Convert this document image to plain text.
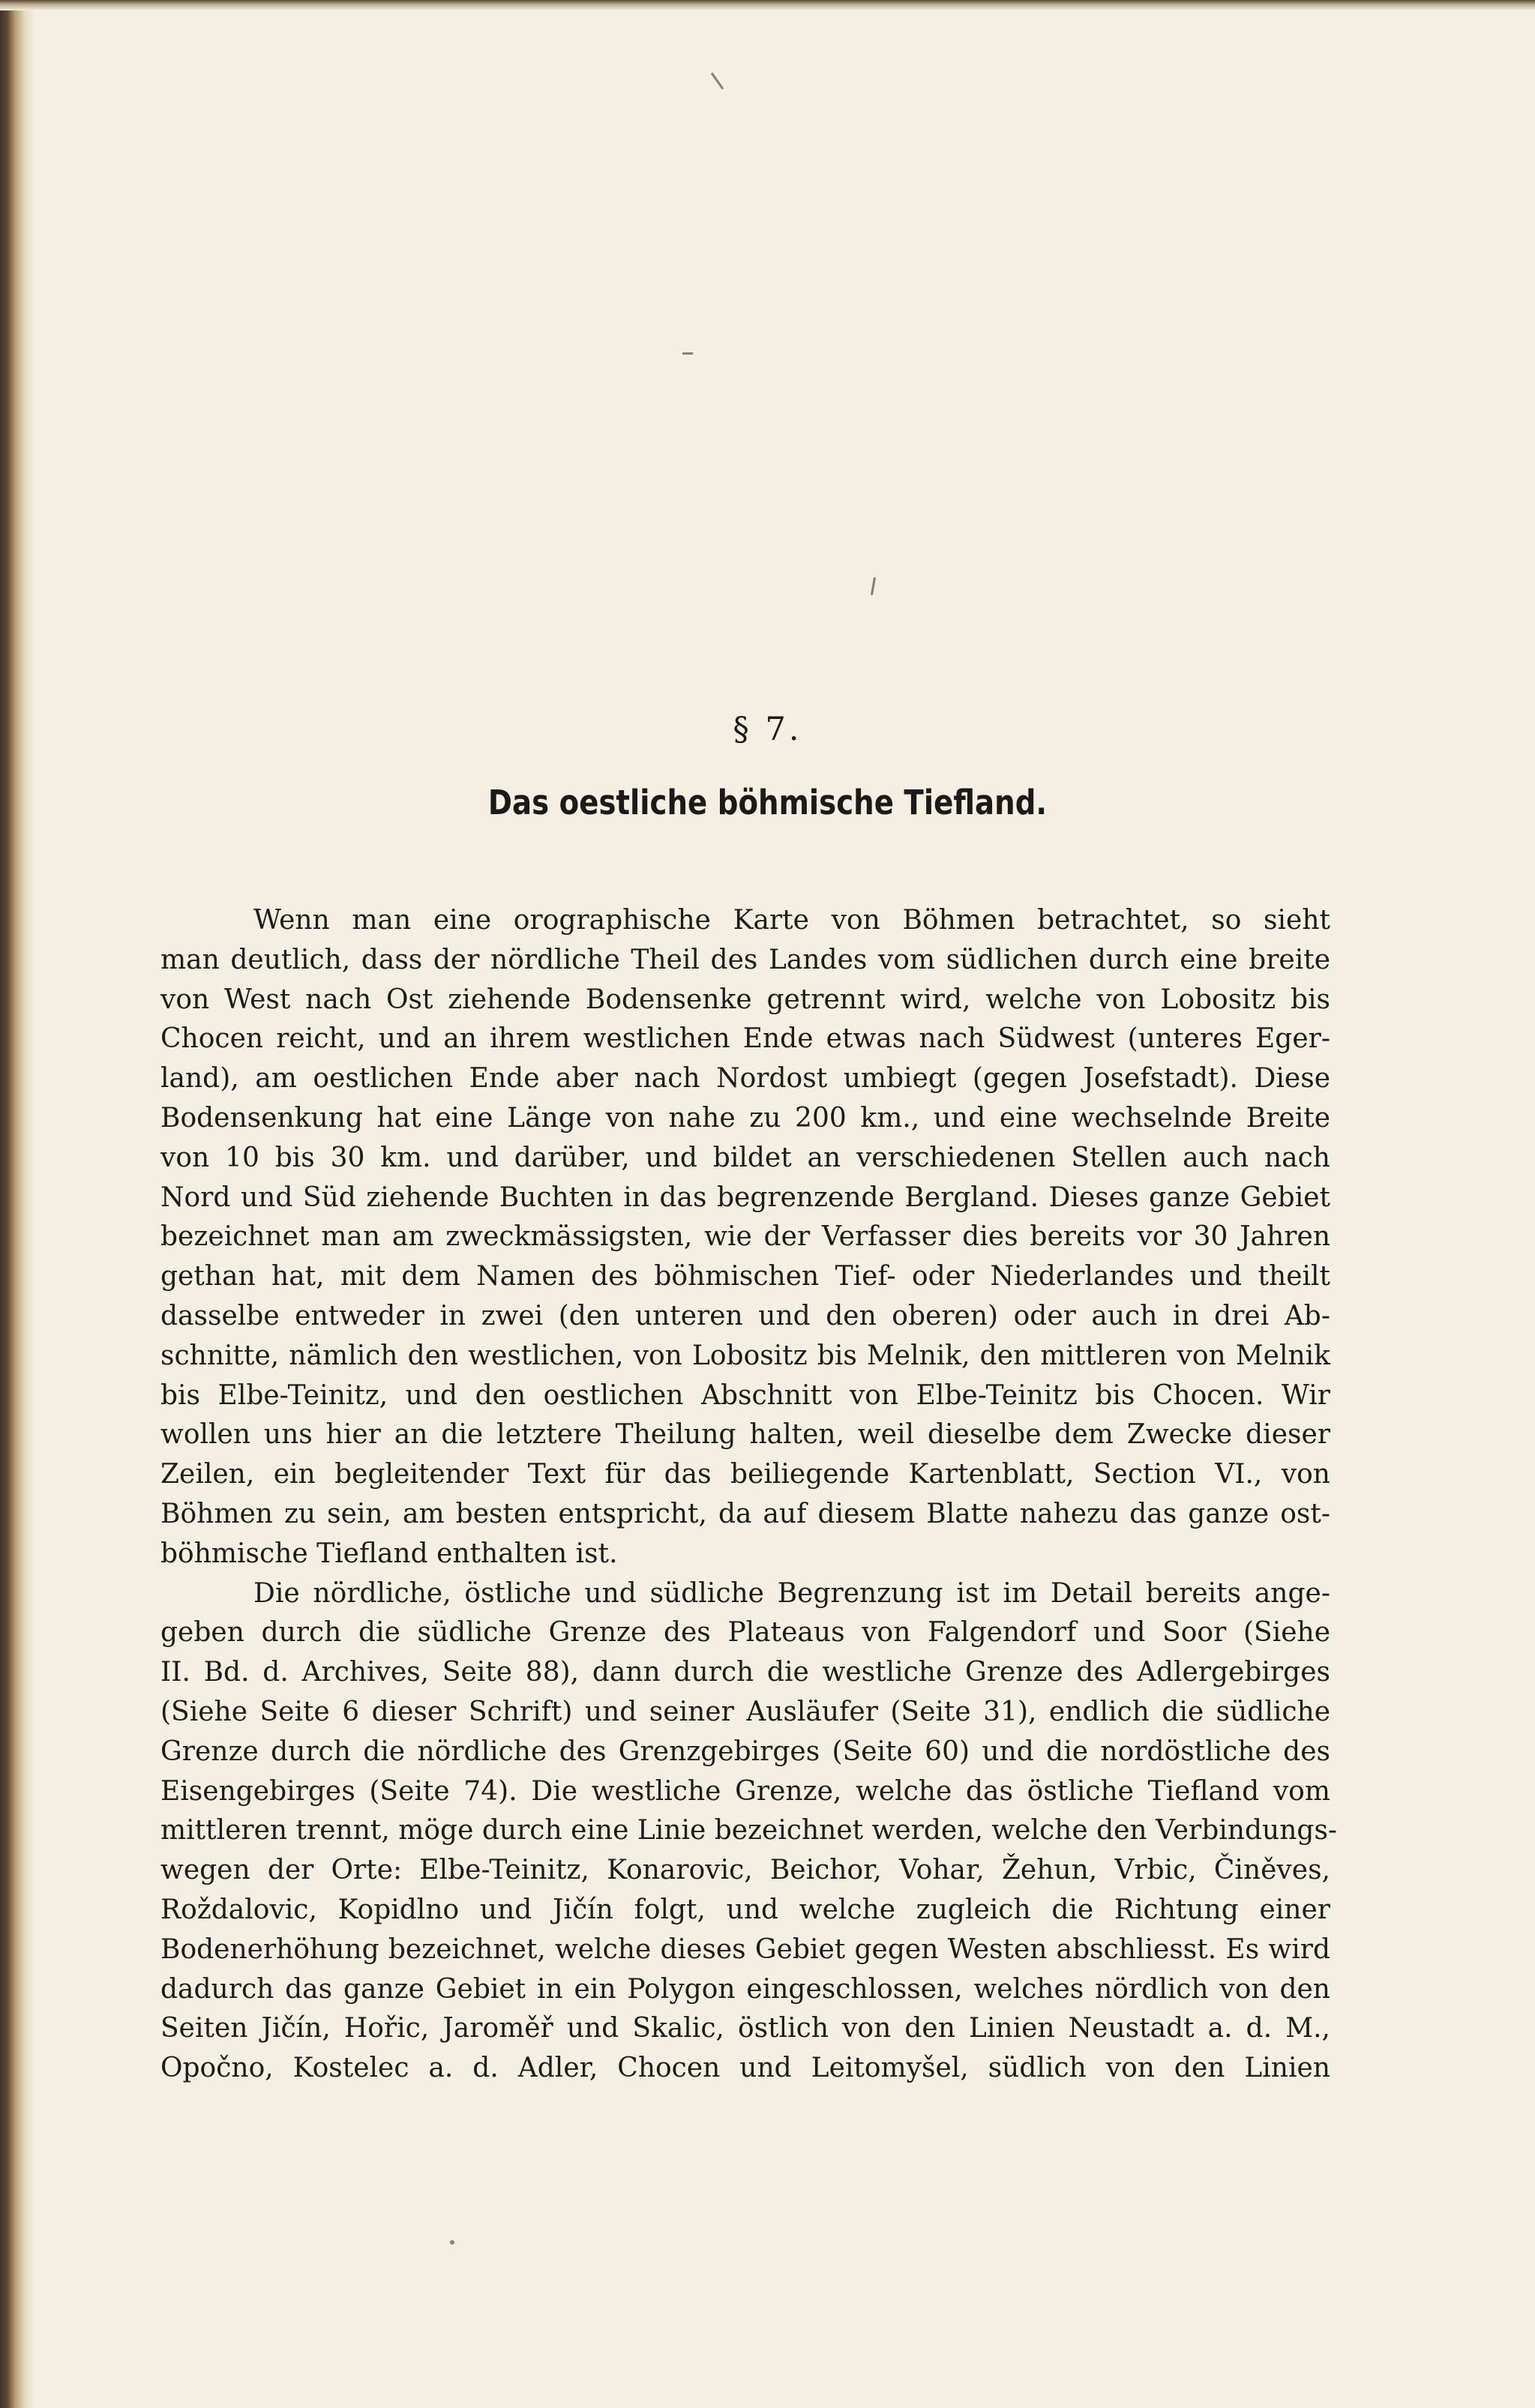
§ 7.
Das oestliche böhmische Tiefland.
Wenn man eine orographische Karte von Böhmen betrachtet, so sieht
man deutlich, dass der nördliche Theil des Landes vom südlichen durch eine breite
von West nach Ost ziehende Bodensenke getrennt wird, welche von Lobositz bis
Chocen reicht, und an ihrem westlichen Ende etwas nach Südwest (unteres Eger-
land), am oestlichen Ende aber nach Nordost umbiegt (gegen Josefstadt). Diese
Bodensenkung hat eine Länge von nahe zu 200 km., und eine wechselnde Breite
von 10 bis 30 km. und darüber, und bildet an verschiedenen Stellen auch nach
Nord und Süd ziehende Buchten in das begrenzende Bergland. Dieses ganze Gebiet
bezeichnet man am zweckmässigsten, wie der Verfasser dies bereits vor 30 Jahren
gethan hat, mit dem Namen des böhmischen Tief- oder Niederlandes und theilt
dasselbe entweder in zwei (den unteren und den oberen) oder auch in drei Ab-
schnitte, nämlich den westlichen, von Lobositz bis Melnik, den mittleren von Melnik
bis Elbe-Teinitz, und den oestlichen Abschnitt von Elbe-Teinitz bis Chocen. Wir
wollen uns hier an die letztere Theilung halten, weil dieselbe dem Zwecke dieser
Zeilen, ein begleitender Text für das beiliegende Kartenblatt, Section VI., von
Böhmen zu sein, am besten entspricht, da auf diesem Blatte nahezu das ganze ost-
böhmische Tiefland enthalten ist.
Die nördliche, östliche und südliche Begrenzung ist im Detail bereits ange-
geben durch die südliche Grenze des Plateaus von Falgendorf und Soor (Siehe
II. Bd. d. Archives, Seite 88), dann durch die westliche Grenze des Adlergebirges
(Siehe Seite 6 dieser Schrift) und seiner Ausläufer (Seite 31), endlich die südliche
Grenze durch die nördliche des Grenzgebirges (Seite 60) und die nordöstliche des
Eisengebirges (Seite 74). Die westliche Grenze, welche das östliche Tiefland vom
mittleren trennt, möge durch eine Linie bezeichnet werden, welche den Verbindungs-
wegen der Orte: Elbe-Teinitz, Konarovic, Beichor, Vohar, Žehun, Vrbic, Činěves,
Roždalovic, Kopidlno und Jičín folgt, und welche zugleich die Richtung einer
Bodenerhöhung bezeichnet, welche dieses Gebiet gegen Westen abschliesst. Es wird
dadurch das ganze Gebiet in ein Polygon eingeschlossen, welches nördlich von den
Seiten Jičín, Hořic, Jaroměř und Skalic, östlich von den Linien Neustadt a. d. M.,
Opočno, Kostelec a. d. Adler, Chocen und Leitomyšel, südlich von den Linien
